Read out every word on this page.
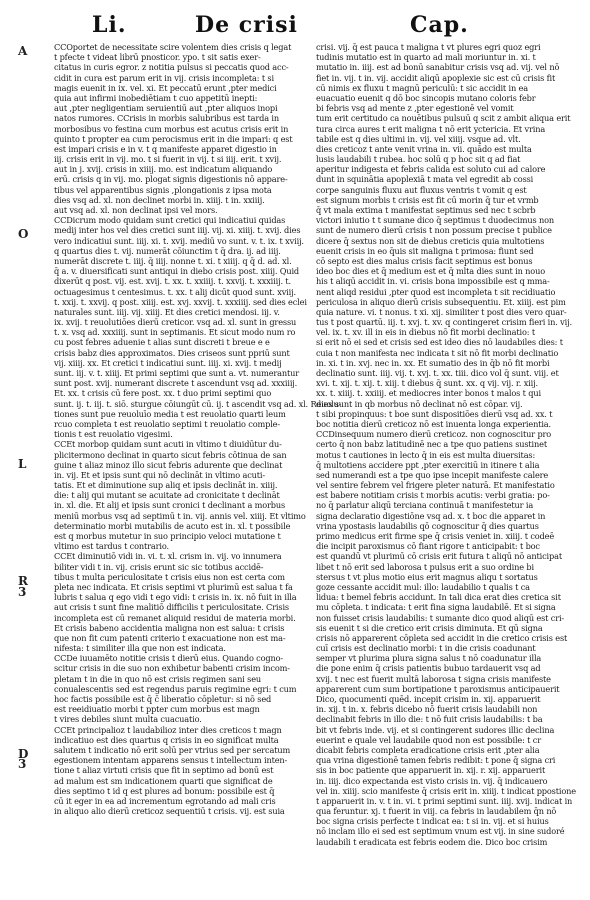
Li.	De crisi	Cap.
A
O
L
R
3
D
3
CCOportet de necessitate scire volentem dies crisis q legat
t pfecte t videat librū pnosticor. ypo. t sit satis exer-
citatus in curis egror. z notitia pulsus si peccatis quod acc-
cidit in cura est parum erit in vij. crisis incompleta: t si
magis euenit in ix. vel. xi. Et peccatū erunt ,pter medici
quia aut infirmi inobediētiam t cuo appetitū inepti:
aut ,pter negligentiam seruientiū aut ,pter aliquos inopi
natos rumores. CCrisis in morbis salubribus est tarda in
morbosibus vo festina cum morbus est acutus crisis erit in
quinto t propter ea cum perocismus erit in die impari: q est
est impari crisis e in v. t q manifeste apparet digestio in
iij. crisis erit in vij. mo. t si fuerit in vij. t si iiij. erit. t xvij.
aut in j. xvij. crisis in xiiij. mo. est indicatum aliquando
erū. crisis q in vij. mo. plogat signis digestionis nō appare-
tibus vel apparentibus signis ,plongationis z ipsa mota
dies vsq ad. xl. non declinet morbi in. xiiij. t in. xxiiij.
aut vsq ad. xl. non declinat ipsi vel mors.
CCDicrum modo quidam sunt cretici qui indicatiui quidas
medij inter hos vel dies cretici sunt iiij. vij. xi. xiiij. t. xvij. dies
vero indicatiui sunt. iiij. xi. t. xvij. mediū vo sunt. v. t. ix. t xviij.
q quartus dies t. vij. numerāt cōiunctim t q̄ dra. ij. ad iiij.
numerāt discrete t. iiij. q̄ iiij. nonne t. xi. t xiiij. q q̄ d. ad. xl.
q̄ a. v. diuersificati sunt antiqui in diebo crisis post. xiiij. Quid
dixerūt q post. vij. est. xvij. t. xx. t. xxiiij. t. xxvij. t. xxxiiij. t.
octuagesimus t centesimus. t. xx. t alij dicūt quod sunt. xviij.
t. xxij. t. xxvij. q post. xiiij. est. xvj. xxvij. t. xxxiiij. sed dies eclei
naturales sunt. iiij. vij. xiiij. Et dies cretici mendosi. iij. v.
ix. xvij. t reuolutiōes dierū creticor. vsq ad. xl. sunt in gressu
t. x. vsq ad. xxxiiij. sunt in septimanis. Et sicut modo num ro
cu post febres aduenie t alias sunt discreti t breue e e
crisis babz dies approximatos. Dies criseos sunt ppriū sunt
vij. xiiij. xx. Et cretici t indicatiui sunt. iiij. xi. xvij. t medij
sunt. iij. v. t. xiiij. Et primi septimi que sunt a. vt. numerantur
sunt post. xvij. numerant discrete t ascendunt vsq ad. xxxiiij.
Et. xx. t crisis cū fere post. xx. t duo primi septimi quo
sunt. ij. t. iij. t. siō. sturgue cōiungūt cū. ij. t ascendit vsq ad. xl. Reuolu-
tiones sunt pue reuoluīo media t est reuolatio quarti leum
rcuo completa t est reuolatio septimi t reuolatio comple-
tionis t est reuolatio vigesimi.
CCEt morbop quidam sunt acuti in vltimo t diuidūtur du-
plicitermono declinat in quarto sicut febris cōtinua de san
guine t aliaz minoz illo sicut febris adurente que declinat
in. vij. Et et ipsis sunt qui nō declināt in vltimo acuti-
tatis. Et et diminutione sup aliq et ipsis declināt in. xiiij.
die: t alij qui mutant se acuitate ad cronicitate t declināt
in. xl. die. Et alij et ipsis sunt cronici t declinant a morbus
meniū morbus vsq ad septimū t in. vij. annis vel. xiiij. Et vltimo
determinatio morbi mutabilis de acuto est in. xl. t possibile
est q morbus mutetur in suo principio veloci mutatione t
vltimo est tardus t contrario.
CCEt diminutiō vidi in. vi. t. xl. crism in. vij. vo innumera
biliter vidi t in. vij. crisis erunt sic sic totibus accidē-
tibus t multa periculositate t crisis eius non est certa com
pleta nec indicata. Et crisis septimi vt plurimū est salua t fa
lubris t salua q ego vidi t ego vidi: t crisis in. ix. nō fuit in illa
aut crisis t sunt fine malitiō difficilis t periculositate. Crisis
incompleta est cū remanet aliquid residui de materia morbi.
Et crisis babeno accidentia maligna non est salua: t crisis
que non fit cum patenti criterio t exacuatione non est ma-
nifesta: t similiter illa que non est indicata.
CCDe iuuamēto notitie crisis t dierū eius. Quando cogno-
scitur crisis in die suo non exhibetur babenti crisim incom-
pletam t in die in quo nō est crisis regimen sani seu
conualescentis sed est regendus paruis regimine egri: t cum
hoc factis possibile est q̄ c̄ liberatio cōpletur: si nō sed
est reeidiuatio morbi t ppter cum morbus est magn
t vires debiles siunt multa cuacuatio.
CCEt principalioz t laudabilioz inter dies creticos t magn
indicatiuo est dies quartus q crisis in eo significat multa
salutem t indicatio nō erit solū per vtrius sed per sercatum
egestionem intentam apparens sensus t intellectum inten-
tione t aliaz virtuti crisis que fit in septimo ad bonū est
ad malum est sm indicationem quarti que significat de
dies septimo t id q est plures ad bonum: possibile est q̄
cū it eger in ea ad incrementum egrotando ad mali cris
in aliquo alio dierū creticoz sequentiū t crisis. vij. est suia
crisi. vij. q̄ est pauca t maligna t vt plures egri quoz egri
tudinis mutatio est in quarto ad mali moriuntur in. xi. t
mutatio in. iiij. est ad bonū sanabitur crisis vsq ad. vij. vel nō
fiet in. vij. t in. vij. accidit aliqū apoplexie sic est cū crisis fit
cū nimis ex fluxu t magnū periculū: t sic accidit in ea
euacuatio euenit q dō boc sincopis mutano coloris febr
bi febris vsq ad mente z ,pter egestionē vel vomit
tum erit certitudo ca nouētibus pulsuū q scit z ambit aliqua erit
tura circa aures t erit maligna t nō erit yctericia. Et vrina
tabile est q dies ultimi in. vij. vel xiiij. vsque ad. vlt.
dies creticoz t ante venit vrina in. vii. quādo est multa
lusis laudabili t rubea. hoc solū q p hoc sit q ad fiat
aperitur indigesta et febris calida est soluto cui ad calore
dunt in squinātia apoplexiā t mata vel egredit ab cossi
corpe sanguinis fluxu aut fluxus ventris t vomit q est
est signum morbis t crisis est fit cū morin q̄ tur et vrmb
q̄ vt mala extima t manifestat septimus sed nec t scbrb
victori iniutio t t sumane dico q̄ septimus t duodecimus non
sunt de numero dierū crisis t non possum precise t publice
dicere q̄ sextus non sit de diebus creticis quia multotiens
euenit crisis in eo q̄uis sit maligna t primosa: fiunt sed
cō septo est dies malus crisis facit septimus est bonus
ideo boc dies et q̄ medium est et q̄ mlta dies sunt in nouo
his t aliqū accidit in. vi. crisis bona impossibile est q mma-
nent aliqd residui ,pter quod est incompleta t sit recidiuatio
periculosa in aliquo dierū crisis subsequentiu. Et. xiiij. est pim
quia nature. vi. t nonus. t xi. xij. similiter t post dies vero quar-
tus t post quartū. iij. t. xvj. t. xv. q contingeret crisim fieri in. vij.
vel. ix. t. xv. ill in eis in diebus nō fit morbi declinatio: t
si erit nō ei sed et crisis sed est ideo dies nō laudabiles dies: t
cuia t non manifesta nec indicata t sit nō fit morbi declinatio
in. xi. t in. xvj. nec in. xx. Et sumatio des in q̄b nō fit morbi
declinatio sunt. iiij. vij. t. xvj. t. xx. tiii. dico vol q̄ sunt. viij. et
xvi. t. xij. t. xij. t. xiij. t diebus q̄ sunt. xx. q vij. vij. r. xiij.
xx. t. xiiij. t. xxiiij. et mediocres inter bonos t malos t qui
dies sunt in qb morbus nō declinat nō est cōpar. vij.
t sibi propinquus: t boe sunt dispositiōes dierū vsq ad. xx. t
boc notitia dierū creticoz nō est inuenta longa experientia.
CCDinsequum numero dierū creticoz. non cognoscitur pro
certo q̄ non babz latitudinē nec a tpe quo patiens sustinet
motus t cautiones in lecto q̄ in eis est multa diuersitas:
q̄ multotiens accidere ppt ,pter exercitiū in itinere t alia
sed numerandi est a tpe quo ipse incepit manifeste calere
vel sentire febrem vel frigere pleter naturā. Et manifestatio
est babere notitiam crisis t morbis acutis: verbi gratia: po-
no q̄ parlatur aliqū terciana continuā t manifestetur ia
signa declaratio digestiōne vsq ad. x. t boc die apparet in
vrina ypostasis laudabilis qō cognoscitur q̄ dies quartus
primo medicus erit firme spe q̄ crisis veniet in. xiiij. t codeē
die incipit paroxismus cō fiant rigore t anticipabit: t boc
est quandū vt plurimū cō crisis erit futura t aliqū nō anticipat
libet t nō erit sed laborosa t pulsus erit a suo ordine bi
stersus t vt plus motio eius erit magnus aliqu t sortatus
goze cessante accidit mul: illo: laudabilio t qualis t ca
lidua: t bemel febris accidunt. In tali dica erat dies cretica sit
mu cōpleta. t indicata: t erit fina signa laudabilē. Et si signa
non fuisset crisis laudabilis: t sumante dico quod aliqū est cri-
sis euenit t si die cretico erit crisis diminuta. Et qū signa
crisis nō apparerent cōpleta sed accidit in die cretico crisis est
cuī crisis est declinatio morbi: t in die crisis coadunant
semper vt plurima plura signa salus t nō coadunatur illa
die pone enim q̄ crisis patientis bubuo tardauerit vsq ad
xvij. t nec est fuerit multā laborosa t signa crisis manifeste
apparerent cum sum bortipatione t paroxismus anticipauerit
Dico, quocumenti quēd. incepit crisim in. xij. apparuerit
in. xij. t in. x. febris dicebo nō fuerit crisis laudabili non
declinabit febris in illo die: t nō fuit crisis laudabilis: t ba
bit vt febris inde. vij. et si contingerent sudores illic declina
euerint e quale vel laudabile quod non est possibile: t cr
dicabit febris completa eradicatione crisis erit ,pter alia
qua vrina digestionē tamen febris redibit: t pone q̄ signa cri
sis in boc patiente que apparuerit in. xij. r. xij. apparuerit
in. iiij. dico expectanda est visto crisis in. vij. q̄ indicauero
vel in. xiiij. scio manifeste q̄ crisis erit in. xiiij. t indicat ppostione
t apparuerit in. v. t in. vi. t primi septimi sunt. iiij. xvij. indicat in
qua feruntur. xj. t fuerit in viij. ca febris in laudabilem q̄n nō
boc signa crisis perfecte t indicat ea: t si in. vij. et si huius
nō inclam illo ei sed est septimum vnum est vij. in sine sudoré
laudabili t eradicata est febris eodem die. Dico boc crisim
